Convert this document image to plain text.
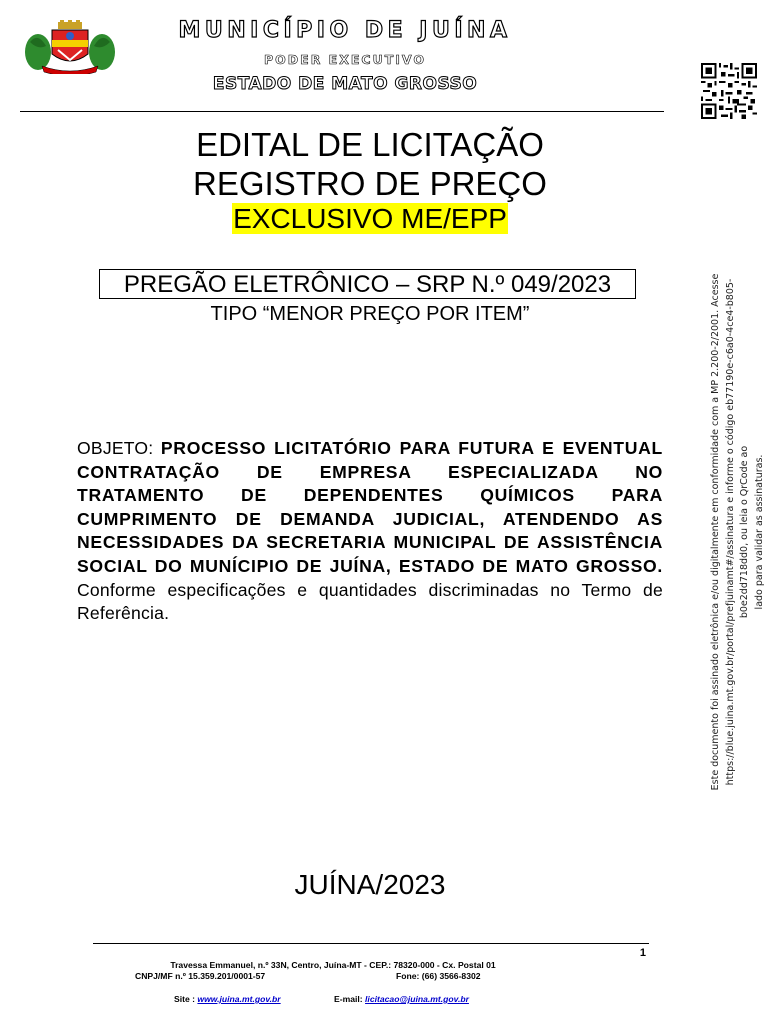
MUNICÍPIO DE JUÍNA
PODER EXECUTIVO
ESTADO DE MATO GROSSO
EDITAL DE LICITAÇÃO
REGISTRO DE PREÇO
EXCLUSIVO ME/EPP
PREGÃO ELETRÔNICO – SRP N.º 049/2023
TIPO “MENOR PREÇO POR ITEM”
OBJETO: PROCESSO LICITATÓRIO PARA FUTURA E EVENTUAL CONTRATAÇÃO DE EMPRESA ESPECIALIZADA NO TRATAMENTO DE DEPENDENTES QUÍMICOS PARA CUMPRIMENTO DE DEMANDA JUDICIAL, ATENDENDO AS NECESSIDADES DA SECRETARIA MUNICIPAL DE ASSISTÊNCIA SOCIAL DO MUNÍCIPIO DE JUÍNA, ESTADO DE MATO GROSSO. Conforme especificações e quantidades discriminadas no Termo de Referência.
JUÍNA/2023
Este documento foi assinado eletrônica e/ou digitalmente em conformidade com a MP 2.200-2/2001. Acesse https://blue.juina.mt.gov.br/portal/prefjuinamt#/assinatura e informe o código eb77190e-c6a0-4ce4-b805-b0e2dd718dd0, ou leia o QrCode ao lado para validar as assinaturas.
1
Travessa Emmanuel, n.º 33N, Centro, Juína-MT - CEP.: 78320-000 - Cx. Postal 01
CNPJ/MF n.º 15.359.201/0001-57	Fone: (66) 3566-8302
Site : www.juina.mt.gov.br	E-mail: licitacao@juina.mt.gov.br
